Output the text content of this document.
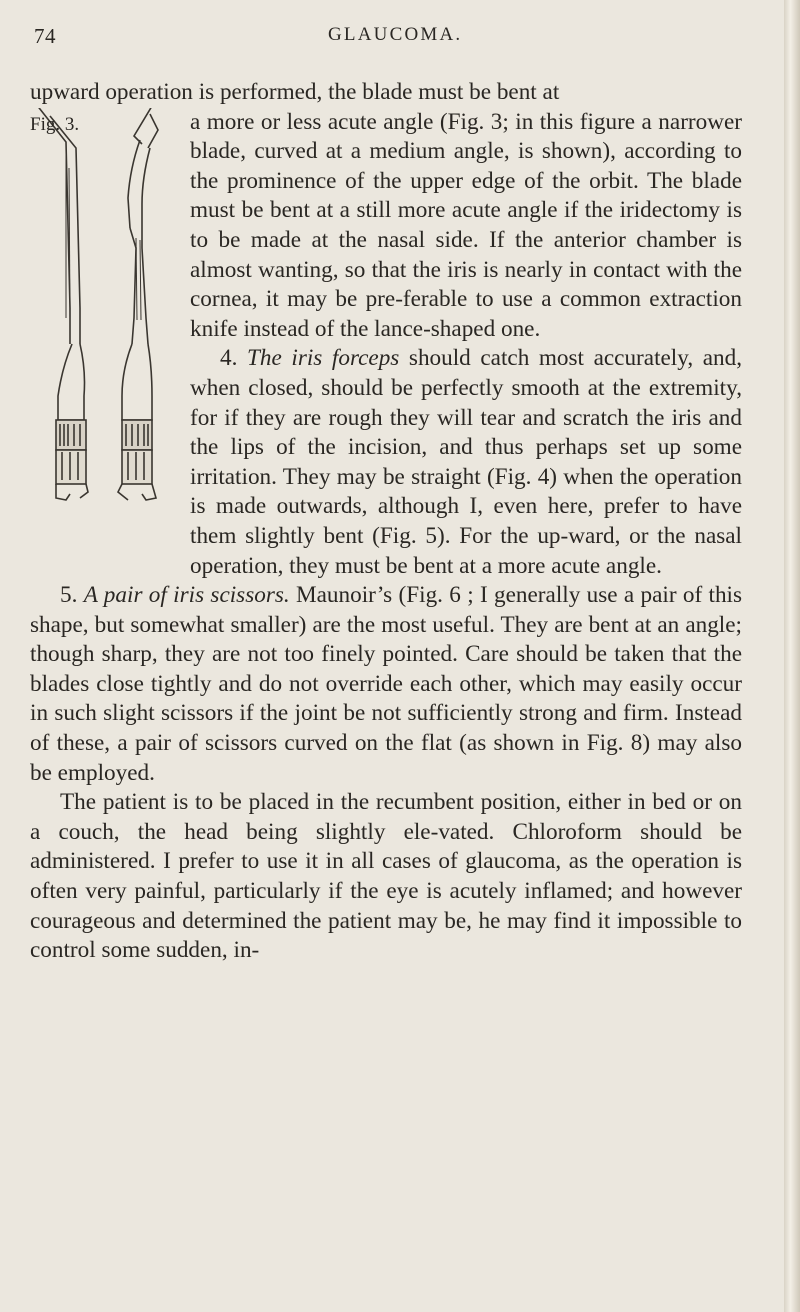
74	GLAUCOMA.

upward operation is performed, the blade must be bent at

Fig. 3.	a more or less acute angle (Fig. 3; in this figure a narrower blade, curved at a medium angle, is shown), according to the prominence of the upper edge of the orbit. The blade must be bent at a still more acute angle if the iridectomy is to be made at the nasal side. If the anterior chamber is almost wanting, so that the iris is nearly in contact with the cornea, it may be pre-ferable to use a common extraction knife instead of the lance-shaped one.

4. The iris forceps should catch most accurately, and, when closed, should be perfectly smooth at the extremity, for if they are rough they will tear and scratch the iris and the lips of the incision, and thus perhaps set up some irritation. They may be straight (Fig. 4) when the operation is made outwards, although I, even here, prefer to have them slightly bent (Fig. 5). For the up-ward, or the nasal operation, they must be bent at a more acute angle.

5. A pair of iris scissors. Maunoir’s (Fig. 6 ; I generally use a pair of this shape, but somewhat smaller) are the most useful. They are bent at an angle; though sharp, they are not too finely pointed. Care should be taken that the blades close tightly and do not override each other, which may easily occur in such slight scissors if the joint be not sufficiently strong and firm. Instead of these, a pair of scissors curved on the flat (as shown in Fig. 8) may also be employed.

The patient is to be placed in the recumbent position, either in bed or on a couch, the head being slightly ele-vated. Chloroform should be administered. I prefer to use it in all cases of glaucoma, as the operation is often very painful, particularly if the eye is acutely inflamed; and however courageous and determined the patient may be, he may find it impossible to control some sudden, in-
